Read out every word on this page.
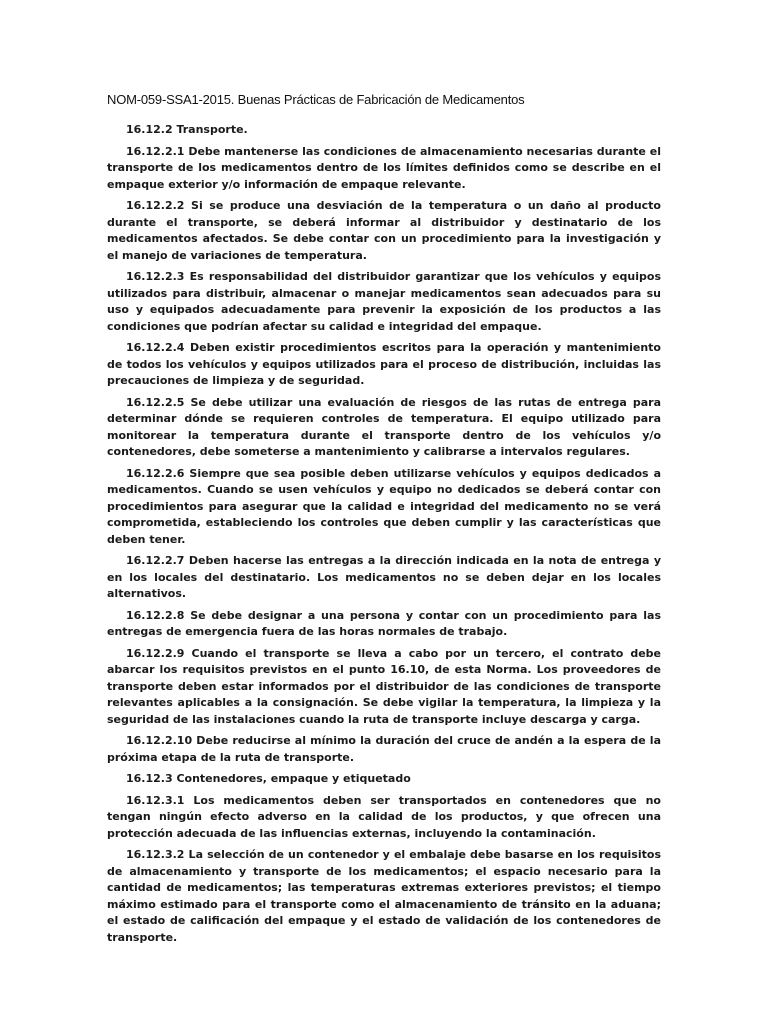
NOM-059-SSA1-2015. Buenas Prácticas de Fabricación de Medicamentos

16.12.2 Transporte.

16.12.2.1 Debe mantenerse las condiciones de almacenamiento necesarias durante el transporte de los medicamentos dentro de los límites definidos como se describe en el empaque exterior y/o información de empaque relevante.

16.12.2.2 Si se produce una desviación de la temperatura o un daño al producto durante el transporte, se deberá informar al distribuidor y destinatario de los medicamentos afectados. Se debe contar con un procedimiento para la investigación y el manejo de variaciones de temperatura.

16.12.2.3 Es responsabilidad del distribuidor garantizar que los vehículos y equipos utilizados para distribuir, almacenar o manejar medicamentos sean adecuados para su uso y equipados adecuadamente para prevenir la exposición de los productos a las condiciones que podrían afectar su calidad e integridad del empaque.

16.12.2.4 Deben existir procedimientos escritos para la operación y mantenimiento de todos los vehículos y equipos utilizados para el proceso de distribución, incluidas las precauciones de limpieza y de seguridad.

16.12.2.5 Se debe utilizar una evaluación de riesgos de las rutas de entrega para determinar dónde se requieren controles de temperatura. El equipo utilizado para monitorear la temperatura durante el transporte dentro de los vehículos y/o contenedores, debe someterse a mantenimiento y calibrarse a intervalos regulares.

16.12.2.6 Siempre que sea posible deben utilizarse vehículos y equipos dedicados a medicamentos. Cuando se usen vehículos y equipo no dedicados se deberá contar con procedimientos para asegurar que la calidad e integridad del medicamento no se verá comprometida, estableciendo los controles que deben cumplir y las características que deben tener.

16.12.2.7 Deben hacerse las entregas a la dirección indicada en la nota de entrega y en los locales del destinatario. Los medicamentos no se deben dejar en los locales alternativos.

16.12.2.8 Se debe designar a una persona y contar con un procedimiento para las entregas de emergencia fuera de las horas normales de trabajo.

16.12.2.9 Cuando el transporte se lleva a cabo por un tercero, el contrato debe abarcar los requisitos previstos en el punto 16.10, de esta Norma. Los proveedores de transporte deben estar informados por el distribuidor de las condiciones de transporte relevantes aplicables a la consignación. Se debe vigilar la temperatura, la limpieza y la seguridad de las instalaciones cuando la ruta de transporte incluye descarga y carga.

16.12.2.10 Debe reducirse al mínimo la duración del cruce de andén a la espera de la próxima etapa de la ruta de transporte.

16.12.3 Contenedores, empaque y etiquetado

16.12.3.1 Los medicamentos deben ser transportados en contenedores que no tengan ningún efecto adverso en la calidad de los productos, y que ofrecen una protección adecuada de las influencias externas, incluyendo la contaminación.

16.12.3.2 La selección de un contenedor y el embalaje debe basarse en los requisitos de almacenamiento y transporte de los medicamentos; el espacio necesario para la cantidad de medicamentos; las temperaturas extremas exteriores previstos; el tiempo máximo estimado para el transporte como el almacenamiento de tránsito en la aduana; el estado de calificación del empaque y el estado de validación de los contenedores de transporte.
